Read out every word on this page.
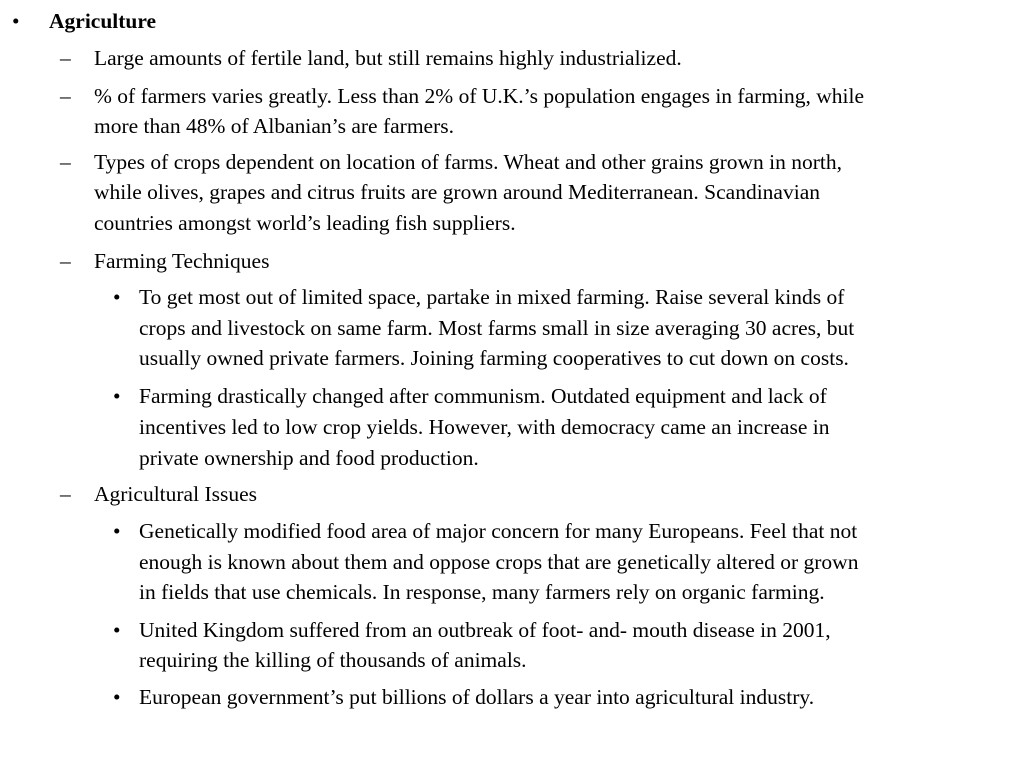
• Agriculture
– Large amounts of fertile land, but still remains highly industrialized.
– % of farmers varies greatly. Less than 2% of U.K.’s population engages in farming, while
more than 48% of Albanian’s are farmers.
– Types of crops dependent on location of farms. Wheat and other grains grown in north,
while olives, grapes and citrus fruits are grown around Mediterranean. Scandinavian
countries amongst world’s leading fish suppliers.
– Farming Techniques
• To get most out of limited space, partake in mixed farming. Raise several kinds of
crops and livestock on same farm. Most farms small in size averaging 30 acres, but
usually owned private farmers. Joining farming cooperatives to cut down on costs.
• Farming drastically changed after communism. Outdated equipment and lack of
incentives led to low crop yields. However, with democracy came an increase in
private ownership and food production.
– Agricultural Issues
• Genetically modified food area of major concern for many Europeans. Feel that not
enough is known about them and oppose crops that are genetically altered or grown
in fields that use chemicals. In response, many farmers rely on organic farming.
• United Kingdom suffered from an outbreak of foot- and- mouth disease in 2001,
requiring the killing of thousands of animals.
• European government’s put billions of dollars a year into agricultural industry.
